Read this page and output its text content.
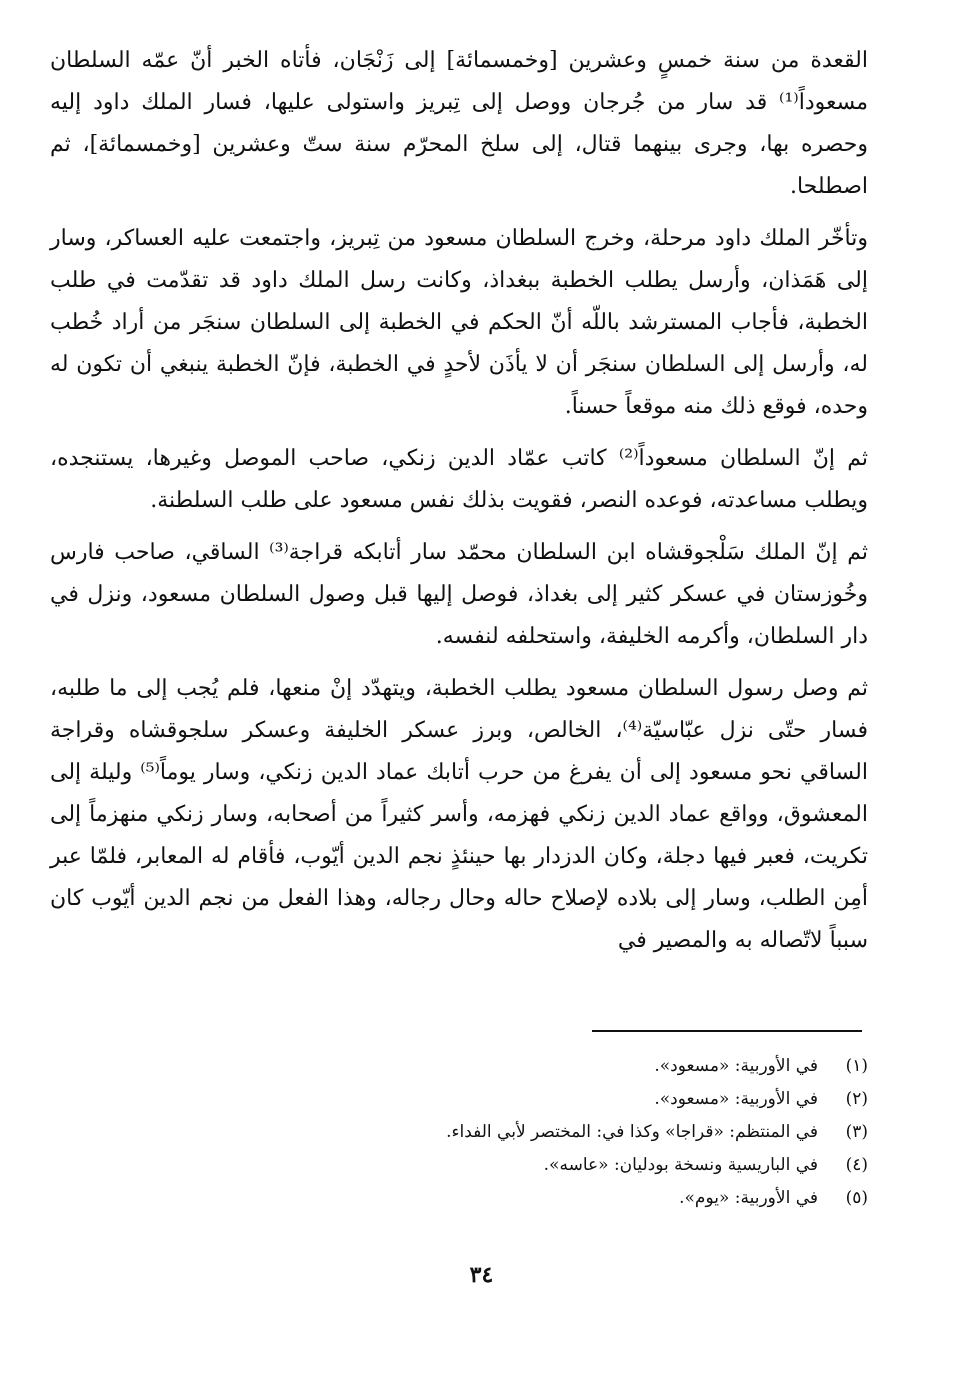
القعدة من سنة خمسٍ وعشرين [وخمسمائة] إلى زَنْجَان، فأتاه الخبر أنّ عمّه السلطان مسعوداً⁽¹⁾ قد سار من جُرجان ووصل إلى تِبريز واستولى عليها، فسار الملك داود إليه وحصره بها، وجرى بينهما قتال، إلى سلخ المحرّم سنة ستّ وعشرين [وخمسمائة]، ثم اصطلحا.

وتأخّر الملك داود مرحلة، وخرج السلطان مسعود من تِبريز، واجتمعت عليه العساكر، وسار إلى هَمَذان، وأرسل يطلب الخطبة ببغداذ، وكانت رسل الملك داود قد تقدّمت في طلب الخطبة، فأجاب المسترشد باللّه أنّ الحكم في الخطبة إلى السلطان سنجَر من أراد خُطب له، وأرسل إلى السلطان سنجَر أن لا يأذَن لأحدٍ في الخطبة، فإنّ الخطبة ينبغي أن تكون له وحده، فوقع ذلك منه موقعاً حسناً.

ثم إنّ السلطان مسعوداً⁽²⁾ كاتب عمّاد الدين زنكي، صاحب الموصل وغيرها، يستنجده، ويطلب مساعدته، فوعده النصر، فقويت بذلك نفس مسعود على طلب السلطنة.

ثم إنّ الملك سَلْجوقشاه ابن السلطان محمّد سار أتابكه قراجة⁽³⁾ الساقي، صاحب فارس وخُوزستان في عسكر كثير إلى بغداذ، فوصل إليها قبل وصول السلطان مسعود، ونزل في دار السلطان، وأكرمه الخليفة، واستحلفه لنفسه.

ثم وصل رسول السلطان مسعود يطلب الخطبة، ويتهدّد إنْ منعها، فلم يُجب إلى ما طلبه، فسار حتّى نزل عبّاسيّة⁽⁴⁾، الخالص، وبرز عسكر الخليفة وعسكر سلجوقشاه وقراجة الساقي نحو مسعود إلى أن يفرغ من حرب أتابك عماد الدين زنكي، وسار يوماً⁽⁵⁾ وليلة إلى المعشوق، وواقع عماد الدين زنكي فهزمه، وأسر كثيراً من أصحابه، وسار زنكي منهزماً إلى تكريت، فعبر فيها دجلة، وكان الدزدار بها حينئذٍ نجم الدين أيّوب، فأقام له المعابر، فلمّا عبر أمِن الطلب، وسار إلى بلاده لإصلاح حاله وحال رجاله، وهذا الفعل من نجم الدين أيّوب كان سبباً لاتّصاله به والمصير في

(١)
في الأوربية: «مسعود».
(٢)
في الأوربية: «مسعود».
(٣)
في المنتظم: «قراجا» وكذا في: المختصر لأبي الفداء.
(٤)
في الباريسية ونسخة بودليان: «عاسه».
(٥)
في الأوربية: «يوم».
٣٤
